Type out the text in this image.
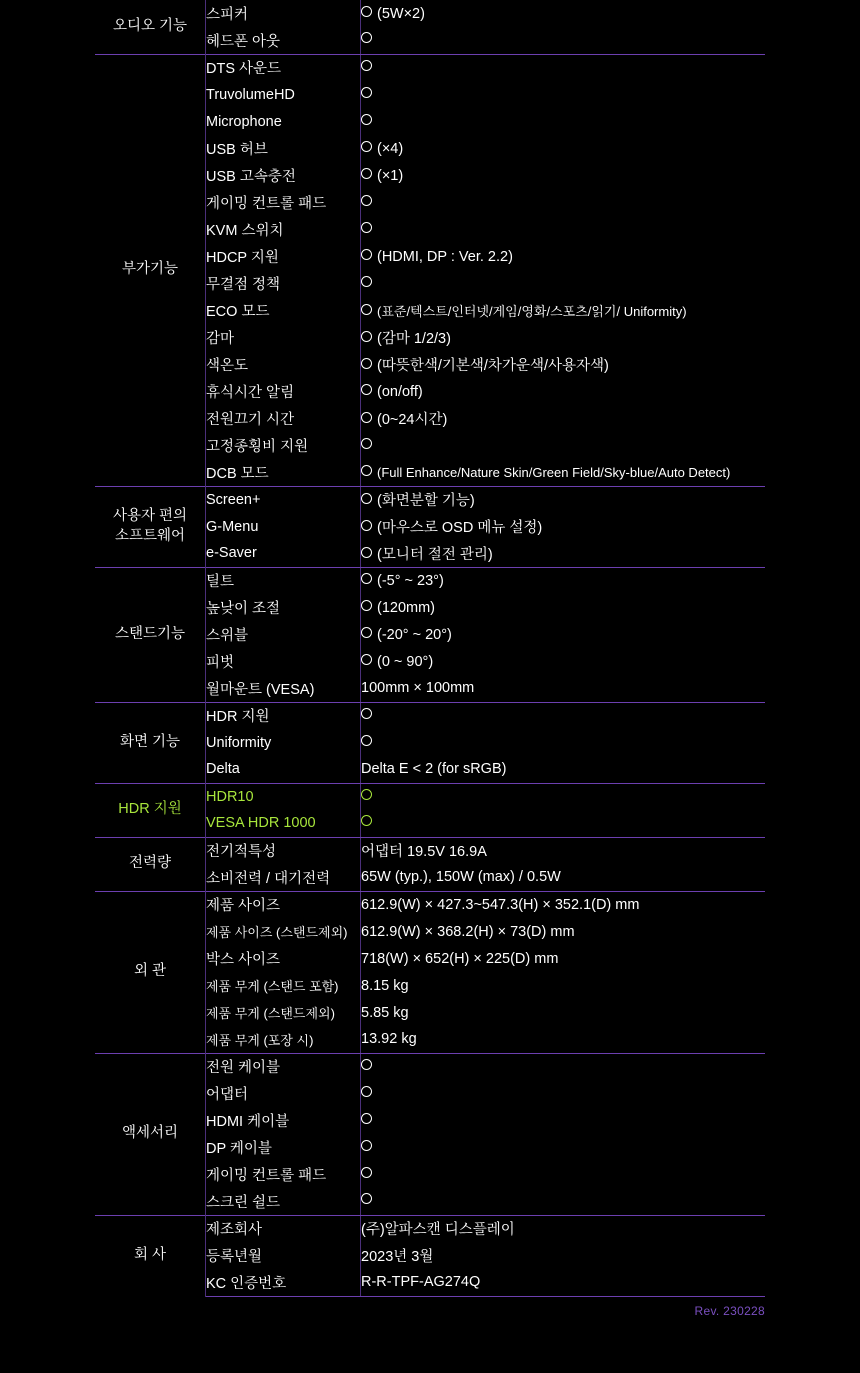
오디오 기능	스피커	(5W×2)
	헤드폰 아웃	
부가기능	DTS 사운드	
	TruvolumeHD	
	Microphone	
	USB 허브	(×4)
	USB 고속충전	(×1)
	게이밍 컨트롤 패드	
	KVM 스위치	
	HDCP 지원	(HDMI, DP : Ver. 2.2)
	무결점 정책	
	ECO 모드	(표준/텍스트/인터넷/게임/영화/스포츠/읽기/ Uniformity)
	감마	(감마 1/2/3)
	색온도	(따뜻한색/기본색/차가운색/사용자색)
	휴식시간 알림	(on/off)
	전원끄기 시간	(0~24시간)
	고정종횡비 지원	
	DCB 모드	(Full Enhance/Nature Skin/Green Field/Sky-blue/Auto Detect)
사용자 편의
소프트웨어	Screen+	(화면분할 기능)
	G-Menu	(마우스로 OSD 메뉴 설정)
	e-Saver	(모니터 절전 관리)
스탠드기능	틸트	(-5° ~ 23°)
	높낮이 조절	(120mm)
	스위블	(-20° ~ 20°)
	피벗	(0 ~ 90°)
	월마운트 (VESA)	100mm × 100mm
화면 기능	HDR 지원	
	Uniformity	
	Delta	Delta E < 2 (for sRGB)
HDR 지원	HDR10	
	VESA HDR 1000	
전력량	전기적특성	어댑터 19.5V 16.9A
	소비전력 / 대기전력	65W (typ.), 150W (max) / 0.5W
외 관	제품 사이즈	612.9(W) × 427.3~547.3(H) × 352.1(D) mm
	제품 사이즈 (스탠드제외)	612.9(W) × 368.2(H) × 73(D) mm
	박스 사이즈	718(W) × 652(H) × 225(D) mm
	제품 무게 (스탠드 포함)	8.15 kg
	제품 무게 (스탠드제외)	5.85 kg
	제품 무게 (포장 시)	13.92 kg
액세서리	전원 케이블	
	어댑터	
	HDMI 케이블	
	DP 케이블	
	게이밍 컨트롤 패드	
	스크린 쉴드	
회 사	제조회사	(주)알파스캔 디스플레이
	등록년월	2023년 3월
	KC 인증번호	R-R-TPF-AG274Q
Rev. 230228
